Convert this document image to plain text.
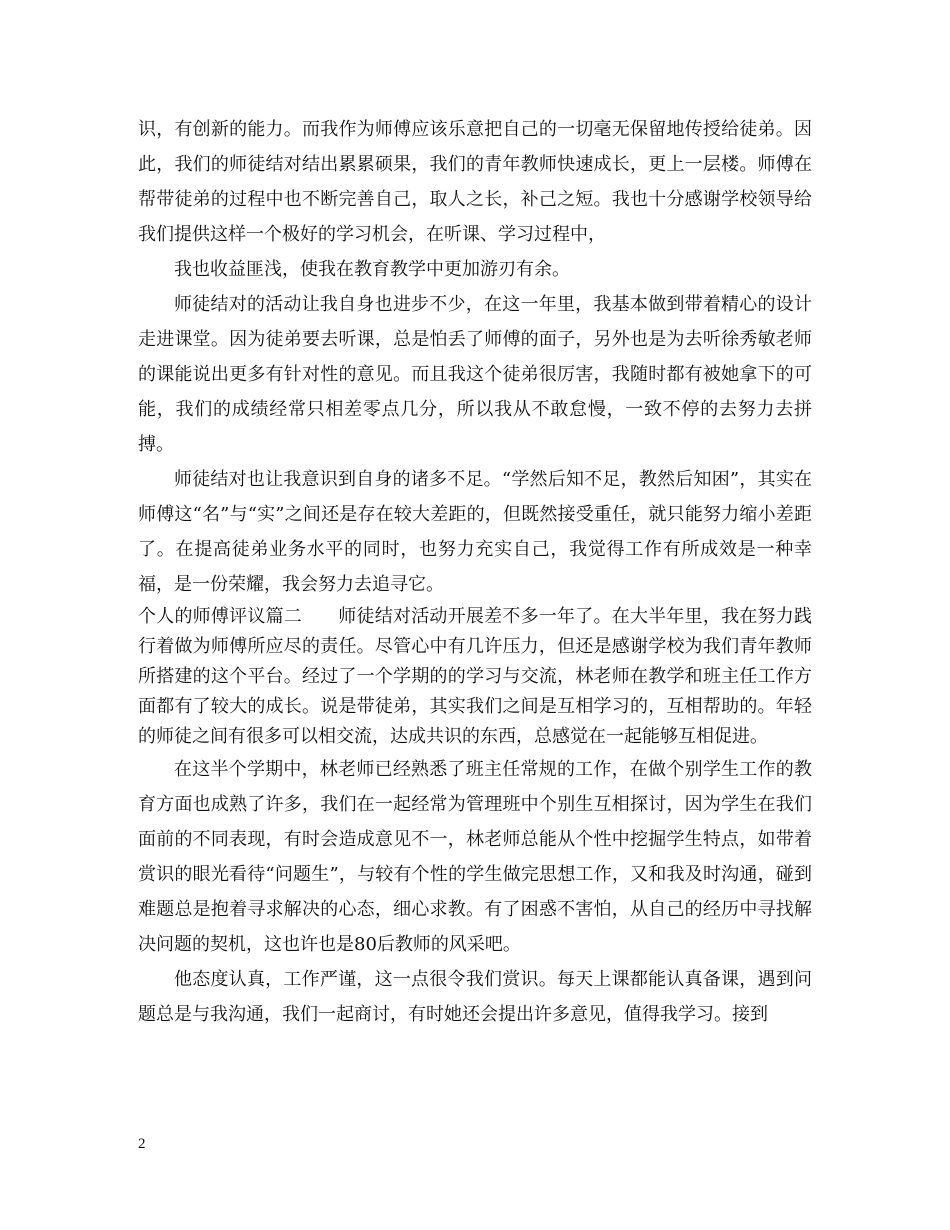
识，有创新的能力。而我作为师傅应该乐意把自己的一切毫无保留地传授给徒弟。因此，我们的师徒结对结出累累硕果，我们的青年教师快速成长，更上一层楼。师傅在帮带徒弟的过程中也不断完善自己，取人之长，补己之短。我也十分感谢学校领导给我们提供这样一个极好的学习机会，在听课、学习过程中，

我也收益匪浅，使我在教育教学中更加游刃有余。

师徒结对的活动让我自身也进步不少，在这一年里，我基本做到带着精心的设计走进课堂。因为徒弟要去听课，总是怕丢了师傅的面子，另外也是为去听徐秀敏老师的课能说出更多有针对性的意见。而且我这个徒弟很厉害，我随时都有被她拿下的可能，我们的成绩经常只相差零点几分，所以我从不敢怠慢，一致不停的去努力去拼搏。

师徒结对也让我意识到自身的诸多不足。“学然后知不足，教然后知困”，其实在师傅这“名”与“实”之间还是存在较大差距的，但既然接受重任，就只能努力缩小差距了。在提高徒弟业务水平的同时，也努力充实自己，我觉得工作有所成效是一种幸福，是一份荣耀，我会努力去追寻它。

个人的师傅评议篇二 师徒结对活动开展差不多一年了。在大半年里，我在努力践行着做为师傅所应尽的责任。尽管心中有几许压力，但还是感谢学校为我们青年教师所搭建的这个平台。经过了一个学期的的学习与交流，林老师在教学和班主任工作方面都有了较大的成长。说是带徒弟，其实我们之间是互相学习的，互相帮助的。年轻的师徒之间有很多可以相交流，达成共识的东西，总感觉在一起能够互相促进。

在这半个学期中，林老师已经熟悉了班主任常规的工作，在做个别学生工作的教育方面也成熟了许多，我们在一起经常为管理班中个别生互相探讨，因为学生在我们面前的不同表现，有时会造成意见不一，林老师总能从个性中挖掘学生特点，如带着赏识的眼光看待“问题生”，与较有个性的学生做完思想工作，又和我及时沟通，碰到难题总是抱着寻求解决的心态，细心求教。有了困惑不害怕，从自己的经历中寻找解决问题的契机，这也许也是80后教师的风采吧。

他态度认真，工作严谨，这一点很令我们赏识。每天上课都能认真备课，遇到问题总是与我沟通，我们一起商讨，有时她还会提出许多意见，值得我学习。接到

2
